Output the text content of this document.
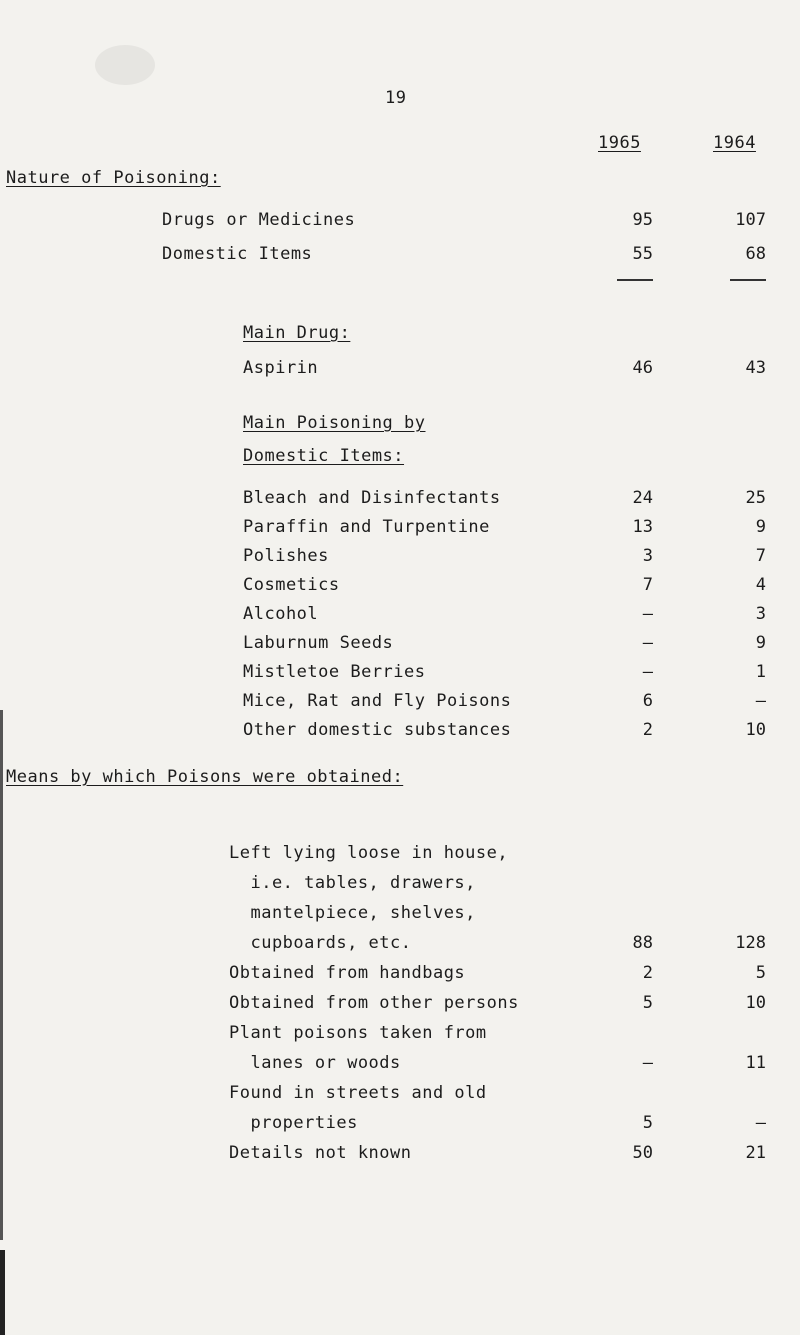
19
1965	1964
Nature of Poisoning:
Drugs or Medicines	95	107
Domestic Items	55	68
Main Drug:
Aspirin	46	43
Main Poisoning by
Domestic Items:
Bleach and Disinfectants	24	25
Paraffin and Turpentine	13	9
Polishes	3	7
Cosmetics	7	4
Alcohol	–	3
Laburnum Seeds	–	9
Mistletoe Berries	–	1
Mice, Rat and Fly Poisons	6	–
Other domestic substances	2	10
Means by which Poisons were obtained:
Left lying loose in house,
i.e. tables, drawers,
mantelpiece, shelves,
cupboards, etc.	88	128
Obtained from handbags	2	5
Obtained from other persons	5	10
Plant poisons taken from
lanes or woods	–	11
Found in streets and old
properties	5	–
Details not known	50	21
